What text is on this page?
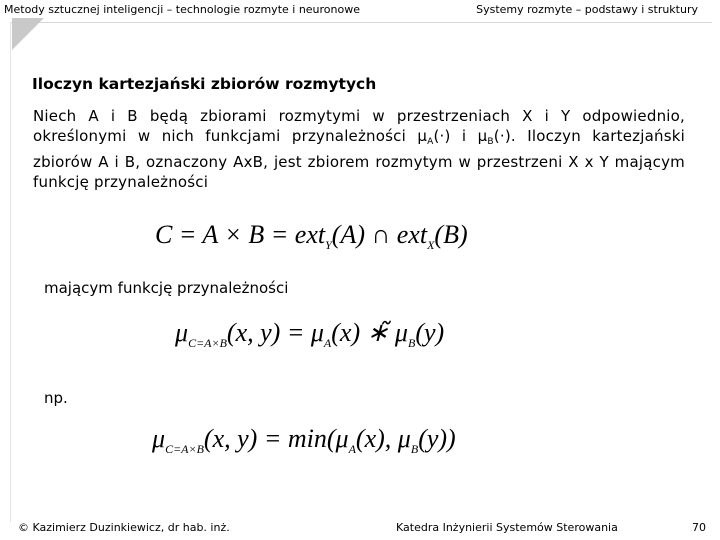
Metody sztucznej inteligencji – technologie rozmyte i neuronowe	Systemy rozmyte – podstawy i struktury
Iloczyn kartezjański zbiorów rozmytych
Niech A i B będą zbiorami rozmytymi w przestrzeniach X i Y odpowiednio, określonymi w nich funkcjami przynależności $\mu_A(\cdot)$ i $\mu_B(\cdot)$. Iloczyn kartezjański zbiorów A i B, oznaczony AxB, jest zbiorem rozmytym w przestrzeni X x Y mającym funkcję przynależności
C = A × B = ext$_Y$(A) ∩ ext$_X$(B)
mającym funkcję przynależności
$\mu_{C=A\times B}(x$, $y) = \mu_A(x)$ ∗̃ $\mu_B(y)$
np.
$\mu_{C=A\times B}(x$, $y) = \min(\mu_A(x)$, $\mu_B(y)$)
© Kazimierz Duzinkiewicz, dr hab. inż.	Katedra Inżynierii Systemów Sterowania	70
